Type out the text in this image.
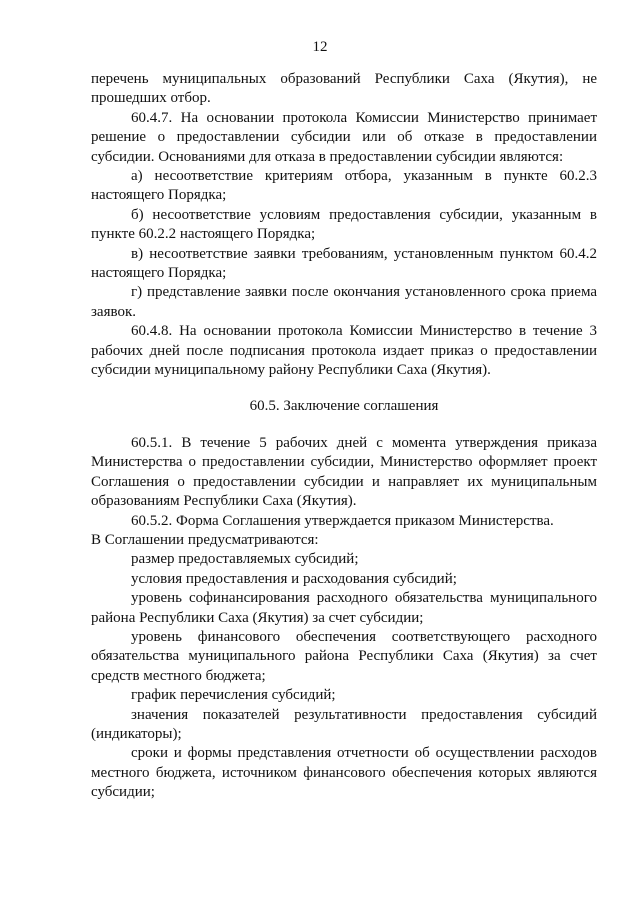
12

перечень муниципальных образований Республики Саха (Якутия), не прошедших отбор.

60.4.7. На основании протокола Комиссии Министерство принимает решение о предоставлении субсидии или об отказе в предоставлении субсидии. Основаниями для отказа в предоставлении субсидии являются:

а) несоответствие критериям отбора, указанным в пункте 60.2.3 настоящего Порядка;

б) несоответствие условиям предоставления субсидии, указанным в пункте 60.2.2 настоящего Порядка;

в) несоответствие заявки требованиям, установленным пунктом 60.4.2 настоящего Порядка;

г) представление заявки после окончания установленного срока приема заявок.

60.4.8. На основании протокола Комиссии Министерство в течение 3 рабочих дней после подписания протокола издает приказ о предоставлении субсидии муниципальному району Республики Саха (Якутия).

60.5. Заключение соглашения

60.5.1. В течение 5 рабочих дней с момента утверждения приказа Министерства о предоставлении субсидии, Министерство оформляет проект Соглашения о предоставлении субсидии и направляет их муниципальным образованиям Республики Саха (Якутия).

60.5.2. Форма Соглашения утверждается приказом Министерства.

В Соглашении предусматриваются:

размер предоставляемых субсидий;

условия предоставления и расходования субсидий;

уровень софинансирования расходного обязательства муниципального района Республики Саха (Якутия) за счет субсидии;

уровень финансового обеспечения соответствующего расходного обязательства муниципального района Республики Саха (Якутия) за счет средств местного бюджета;

график перечисления субсидий;

значения показателей результативности предоставления субсидий (индикаторы);

сроки и формы представления отчетности об осуществлении расходов местного бюджета, источником финансового обеспечения которых являются субсидии;
